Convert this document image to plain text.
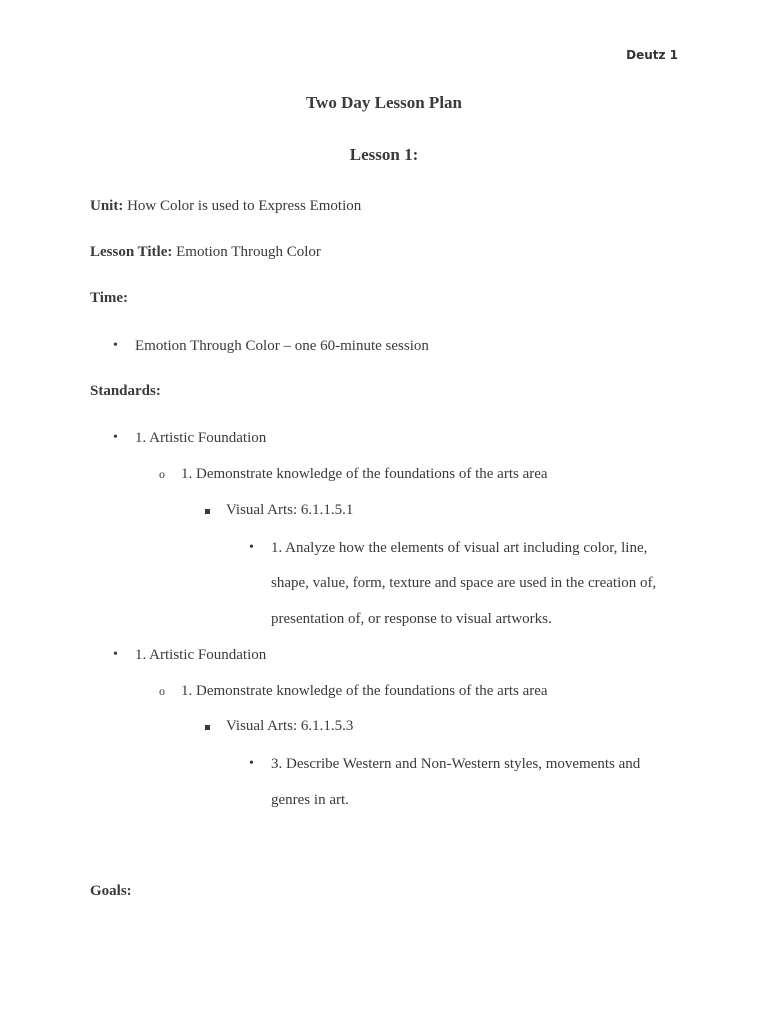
Deutz 1
Two Day Lesson Plan
Lesson 1:
Unit: How Color is used to Express Emotion
Lesson Title: Emotion Through Color
Time:
• Emotion Through Color – one 60-minute session
Standards:
• 1. Artistic Foundation
o 1. Demonstrate knowledge of the foundations of the arts area
Visual Arts: 6.1.1.5.1
• 1. Analyze how the elements of visual art including color, line,
shape, value, form, texture and space are used in the creation of,
presentation of, or response to visual artworks.
• 1. Artistic Foundation
o 1. Demonstrate knowledge of the foundations of the arts area
Visual Arts: 6.1.1.5.3
• 3. Describe Western and Non-Western styles, movements and
genres in art.
Goals:
